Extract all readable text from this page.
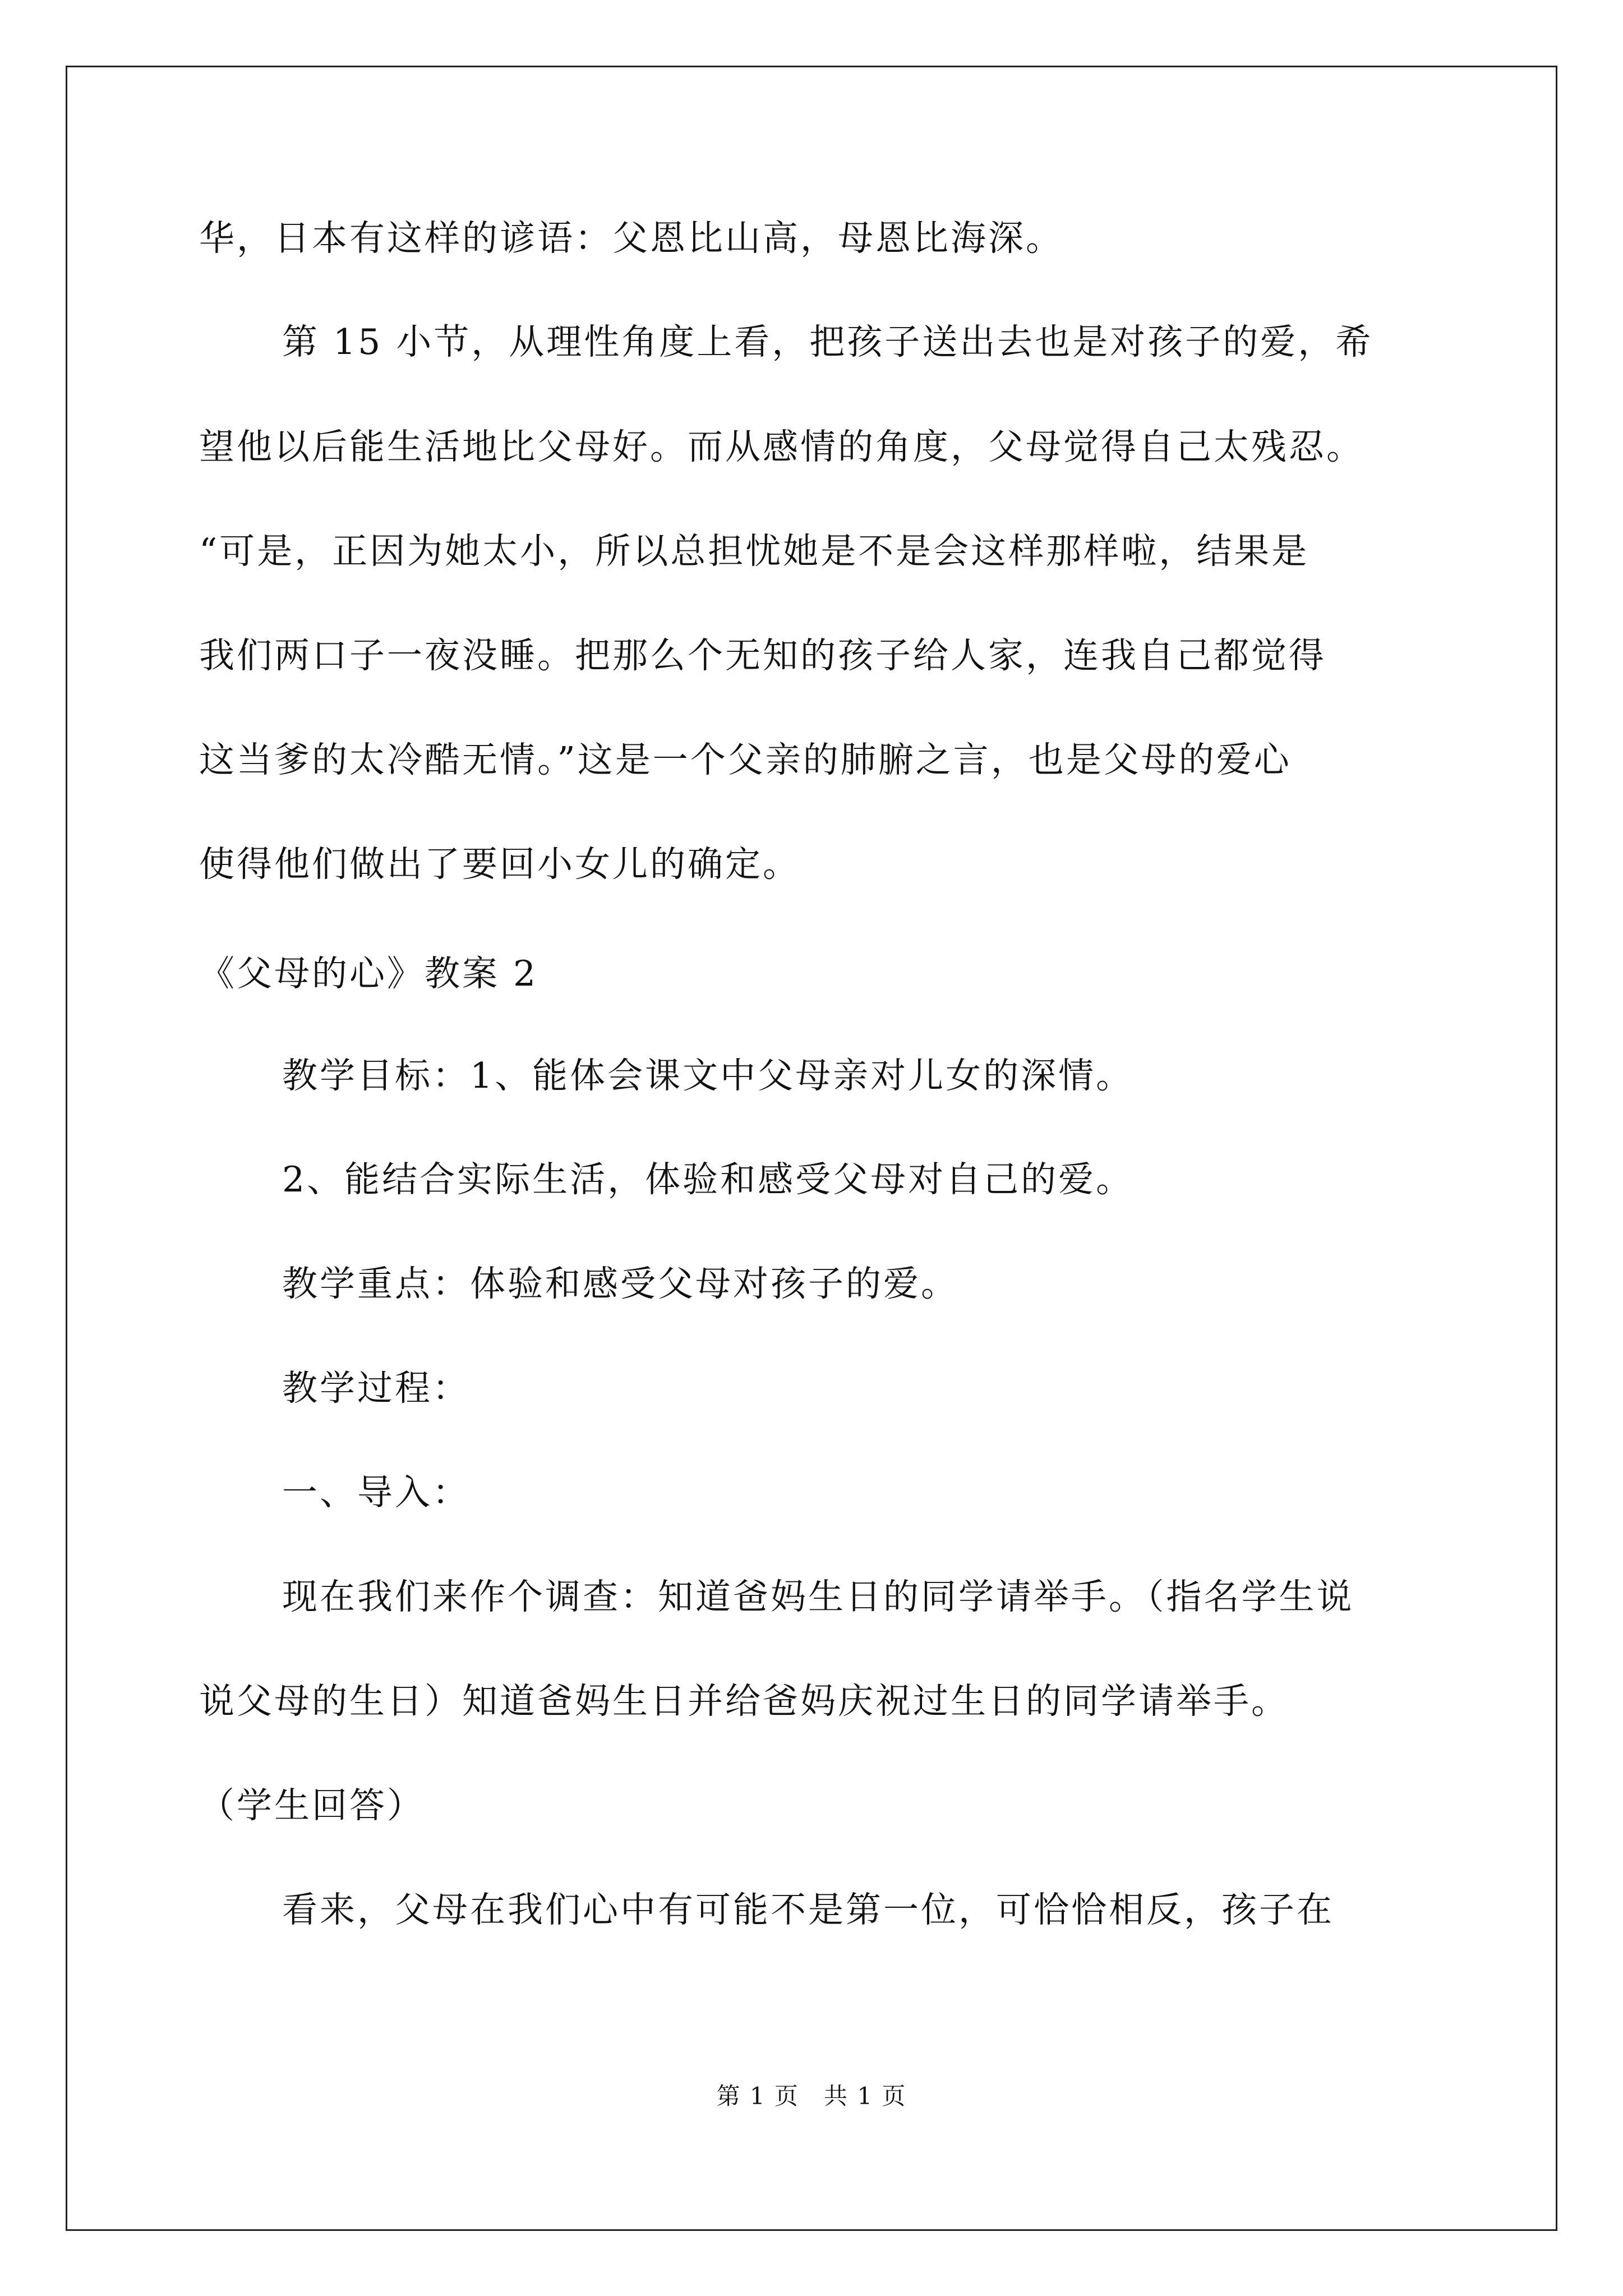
华，日本有这样的谚语：父恩比山高，母恩比海深。
第 15 小节，从理性角度上看，把孩子送出去也是对孩子的爱，希
望他以后能生活地比父母好。而从感情的角度，父母觉得自己太残忍。
“可是，正因为她太小，所以总担忧她是不是会这样那样啦，结果是
我们两口子一夜没睡。把那么个无知的孩子给人家，连我自己都觉得
这当爹的太冷酷无情。”这是一个父亲的肺腑之言，也是父母的爱心
使得他们做出了要回小女儿的确定。
《父母的心》教案 2
教学目标：1、能体会课文中父母亲对儿女的深情。
2、能结合实际生活，体验和感受父母对自己的爱。
教学重点：体验和感受父母对孩子的爱。
教学过程：
一、导入：
现在我们来作个调查：知道爸妈生日的同学请举手。（指名学生说
说父母的生日）知道爸妈生日并给爸妈庆祝过生日的同学请举手。
（学生回答）
看来，父母在我们心中有可能不是第一位，可恰恰相反，孩子在
第 1 页　共 1 页
